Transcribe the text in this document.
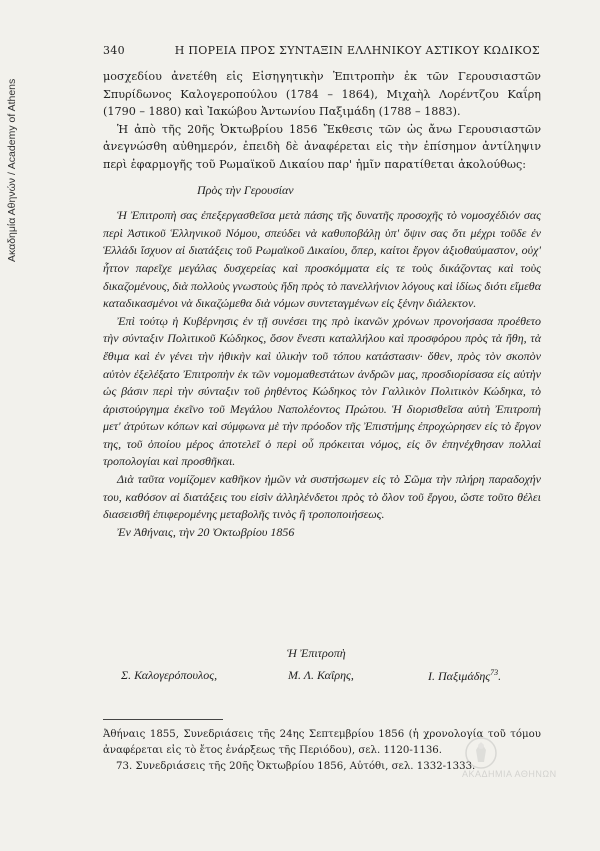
Ακαδημία Αθηνών / Academy of Athens
340	Η ΠΟΡΕΙΑ ΠΡΟΣ ΣΥΝΤΑΞΙΝ ΕΛΛΗΝΙΚΟΥ ΑΣΤΙΚΟΥ ΚΩΔΙΚΟΣ

μοσχεδίου ἀνετέθη εἰς Εἰσηγητικὴν Ἐπιτροπὴν ἐκ τῶν Γερουσιαστῶν Σπυρίδωνος Καλογεροπούλου (1784 – 1864), Μιχαὴλ Λορέντζου Καΐρη (1790 – 1880) καὶ Ἰακώβου Ἀντωνίου Παξιμάδη (1788 – 1883).

Ἡ ἀπὸ τῆς 20ῆς Ὀκτωβρίου 1856 Ἔκθεσις τῶν ὡς ἄνω Γερουσιαστῶν ἀνεγνώσθη αὐθημερόν, ἐπειδὴ δὲ ἀναφέρεται εἰς τὴν ἐπίσημον ἀντίληψιν περὶ ἐφαρμογῆς τοῦ Ρωμαϊκοῦ Δικαίου παρ' ἡμῖν παρατίθεται ἀκολούθως:

Πρὸς τὴν Γερουσίαν

Ἡ Ἐπιτροπὴ σας ἐπεξεργασθεῖσα μετὰ πάσης τῆς δυνατῆς προσοχῆς τὸ νομοσχέδιόν σας περὶ Ἀστικοῦ Ἑλληνικοῦ Νόμου, σπεύδει νὰ καθυποβάλῃ ὑπ' ὄψιν σας ὅτι μέχρι τοῦδε ἐν Ἑλλάδι ἴσχυον αἱ διατάξεις τοῦ Ρωμαϊκοῦ Δικαίου, ὅπερ, καίτοι ἔργον ἀξιοθαύμαστον, οὐχ' ἧττον παρεῖχε μεγάλας δυσχερείας καὶ προσκόμματα εἰς τε τοὺς δικάζοντας καὶ τοὺς δικαζομένους, διὰ πολλοὺς γνωστοὺς ἤδη πρὸς τὸ πανελλήνιον λόγους καὶ ἰδίως διότι εἴμεθα καταδικασμένοι νὰ δικαζώμεθα διὰ νόμων συντεταγμένων εἰς ξένην διάλεκτον.

Ἐπὶ τούτῳ ἡ Κυβέρνησις ἐν τῇ συνέσει της πρὸ ἱκανῶν χρόνων προνοήσασα προέθετο τὴν σύνταξιν Πολιτικοῦ Κώδηκος, ὅσον ἔνεστι καταλλήλου καὶ προσφόρου πρὸς τὰ ἤθη, τὰ ἔθιμα καὶ ἐν γένει τὴν ἠθικὴν καὶ ὑλικὴν τοῦ τόπου κατάστασιν· ὅθεν, πρὸς τὸν σκοπὸν αὐτὸν ἐξελέξατο Ἐπιτροπὴν ἐκ τῶν νομομαθεστάτων ἀνδρῶν μας, προσδιορίσασα εἰς αὐτὴν ὡς βάσιν περὶ τὴν σύνταξιν τοῦ ῥηθέντος Κώδηκος τὸν Γαλλικὸν Πολιτικὸν Κώδηκα, τὸ ἀριστούργημα ἐκεῖνο τοῦ Μεγάλου Ναπολέοντος Πρώτου. Ἡ διορισθεῖσα αὐτὴ Ἐπιτροπὴ μετ' ἀτρύτων κόπων καὶ σύμφωνα μὲ τὴν πρόοδον τῆς Ἐπιστήμης ἐπροχώρησεν εἰς τὸ ἔργον της, τοῦ ὁποίου μέρος ἀποτελεῖ ὁ περὶ οὗ πρόκειται νόμος, εἰς ὃν ἐπηνέχθησαν πολλαὶ τροπολογίαι καὶ προσθῆκαι.

Διὰ ταῦτα νομίζομεν καθῆκον ἡμῶν νὰ συστήσωμεν εἰς τὸ Σῶμα τὴν πλήρη παραδοχήν του, καθόσον αἱ διατάξεις του εἰσὶν ἀλληλένδετοι πρὸς τὸ ὅλον τοῦ ἔργου, ὥστε τοῦτο θέλει διασεισθῆ ἐπιφερομένης μεταβολῆς τινὸς ἢ τροποποιήσεως.

Ἐν Ἀθήναις, τὴν 20 Ὀκτωβρίου 1856

Ἡ Ἐπιτροπὴ
Σ. Καλογερόπουλος,	Μ. Λ. Καΐρης,	Ι. Παξιμάδης$^{73}$.

Ἀθήναις 1855, Συνεδριάσεις τῆς 24ης Σεπτεμβρίου 1856 (ἡ χρονολογία τοῦ τόμου ἀναφέρεται εἰς τὸ ἔτος ἐνάρξεως τῆς Περιόδου), σελ. 1120-1136.

73. Συνεδριάσεις τῆς 20ῆς Ὀκτωβρίου 1856, Αὐτόθι, σελ. 1332-1333.

ΑΚΑΔΗΜΙΑ ΑΘΗΝΩΝ
